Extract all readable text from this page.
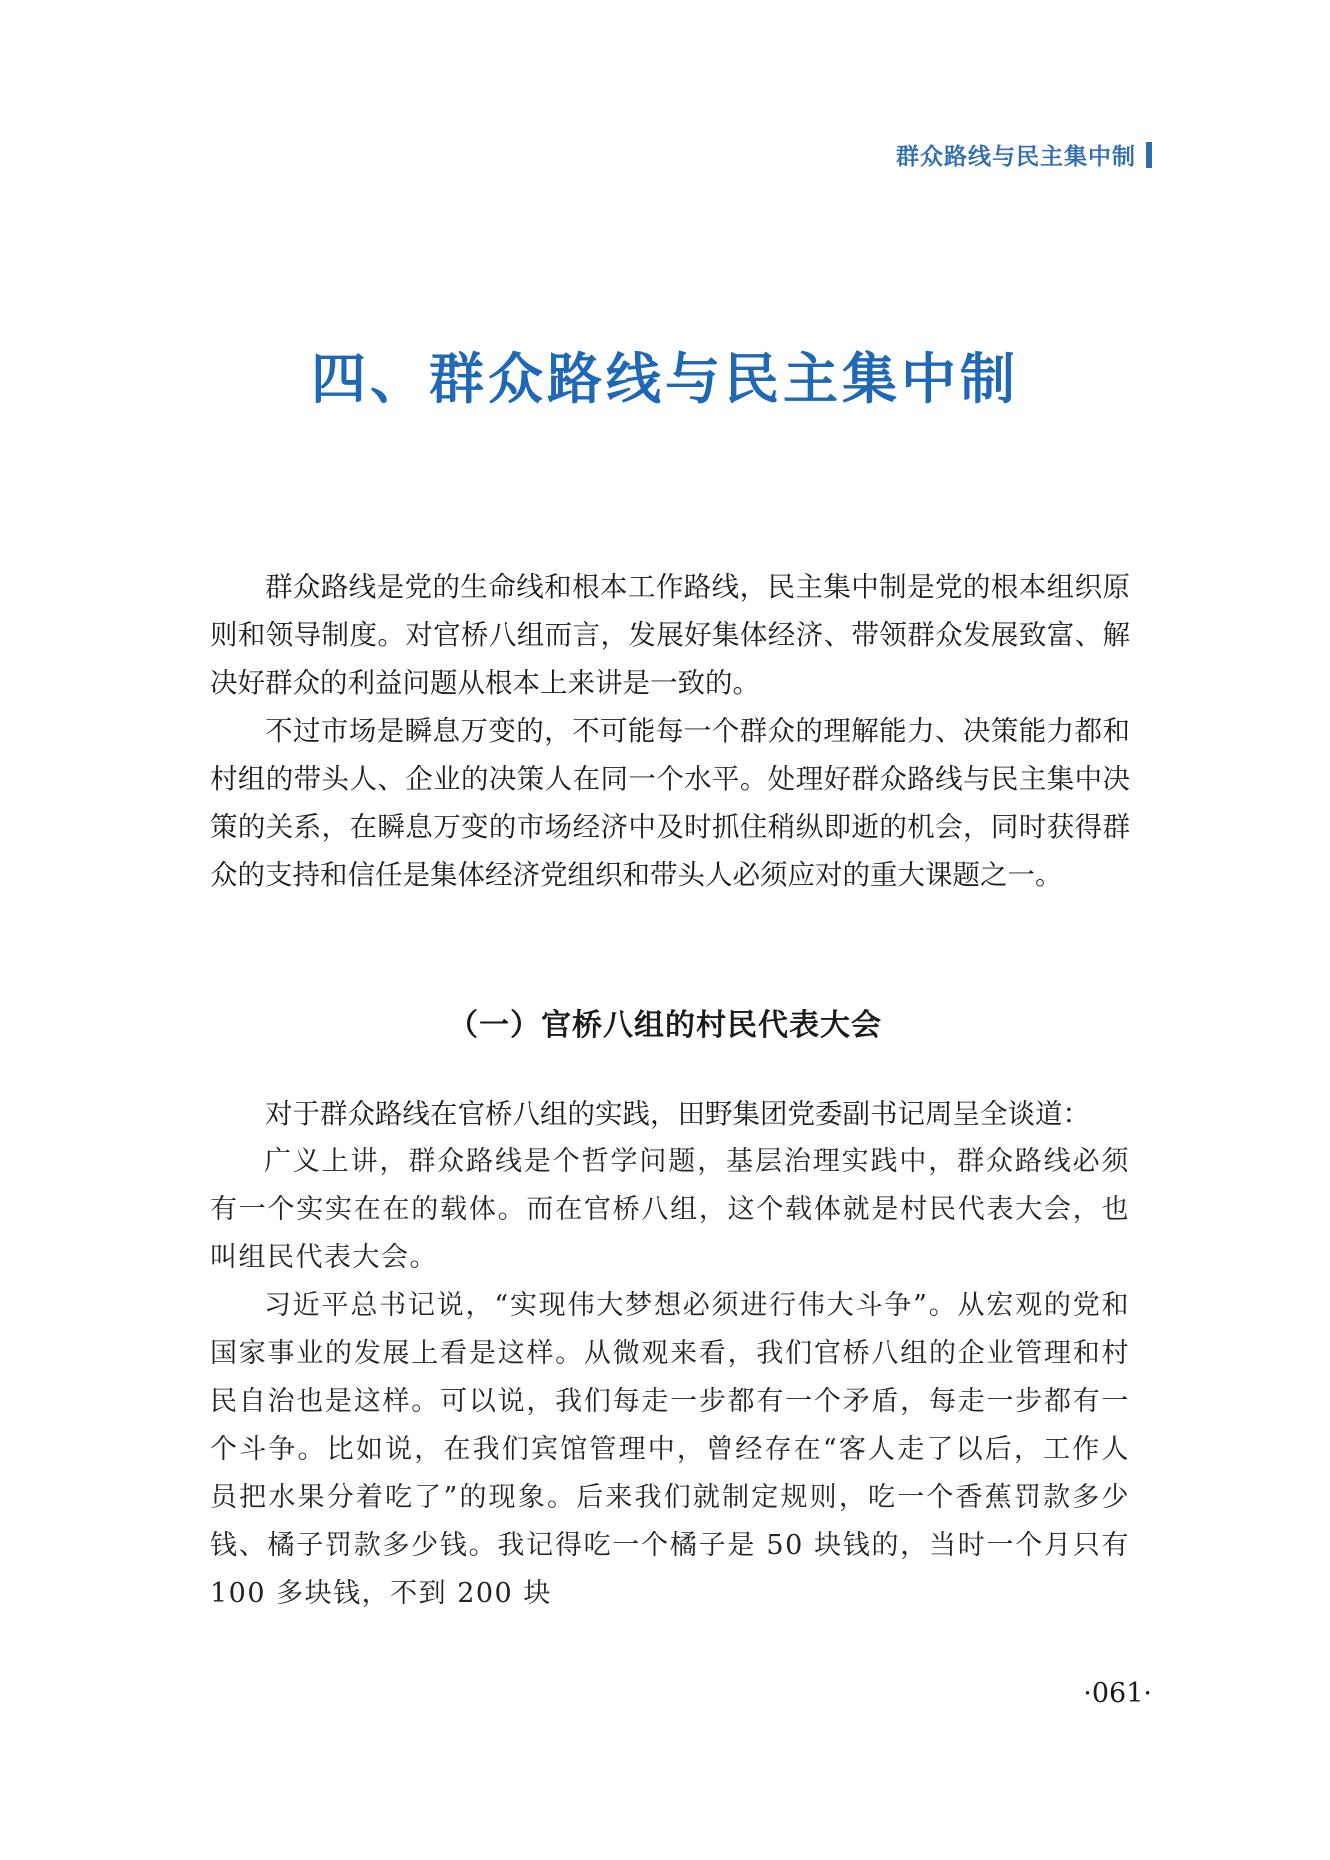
群众路线与民主集中制
四、群众路线与民主集中制

群众路线是党的生命线和根本工作路线，民主集中制是党的根本组织原则和领导制度。对官桥八组而言，发展好集体经济、带领群众发展致富、解决好群众的利益问题从根本上来讲是一致的。

不过市场是瞬息万变的，不可能每一个群众的理解能力、决策能力都和村组的带头人、企业的决策人在同一个水平。处理好群众路线与民主集中决策的关系，在瞬息万变的市场经济中及时抓住稍纵即逝的机会，同时获得群众的支持和信任是集体经济党组织和带头人必须应对的重大课题之一。

（一）官桥八组的村民代表大会

对于群众路线在官桥八组的实践，田野集团党委副书记周呈全谈道：

广义上讲，群众路线是个哲学问题，基层治理实践中，群众路线必须有一个实实在在的载体。而在官桥八组，这个载体就是村民代表大会，也叫组民代表大会。

习近平总书记说，“实现伟大梦想必须进行伟大斗争”。从宏观的党和国家事业的发展上看是这样。从微观来看，我们官桥八组的企业管理和村民自治也是这样。可以说，我们每走一步都有一个矛盾，每走一步都有一个斗争。比如说，在我们宾馆管理中，曾经存在“客人走了以后，工作人员把水果分着吃了”的现象。后来我们就制定规则，吃一个香蕉罚款多少钱、橘子罚款多少钱。我记得吃一个橘子是 50 块钱的，当时一个月只有 100 多块钱，不到 200 块

·061·
